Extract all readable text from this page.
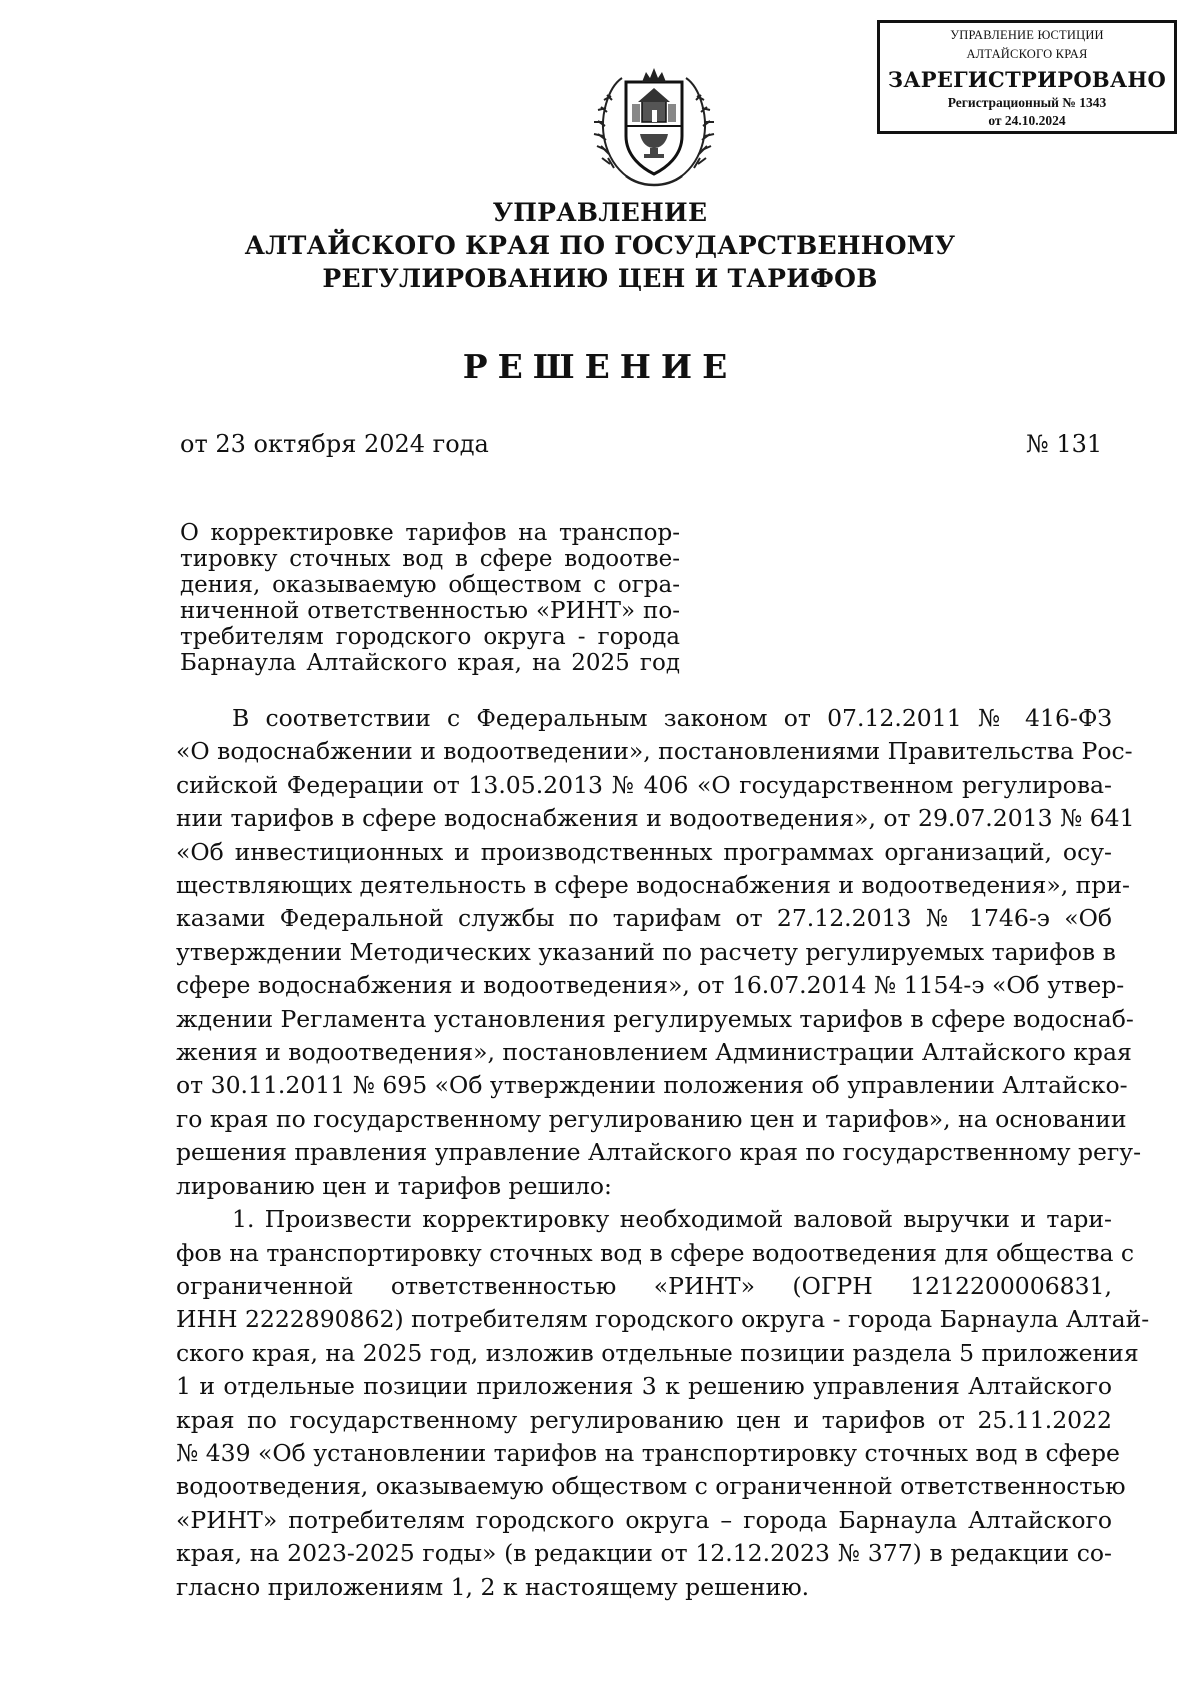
УПРАВЛЕНИЕ ЮСТИЦИИ
АЛТАЙСКОГО КРАЯ
ЗАРЕГИСТРИРОВАНО
Регистрационный № 1343
от 24.10.2024
УПРАВЛЕНИЕ
АЛТАЙСКОГО КРАЯ ПО ГОСУДАРСТВЕННОМУ
РЕГУЛИРОВАНИЮ ЦЕН И ТАРИФОВ
РЕШЕНИЕ
от 23 октября 2024 года	№ 131
О корректировке тарифов на транспор-
тировку сточных вод в сфере водоотве-
дения, оказываемую обществом с огра-
ниченной ответственностью «РИНТ» по-
требителям городского округа - города
Барнаула Алтайского края, на 2025 год
В соответствии с Федеральным законом от 07.12.2011 № 416-ФЗ
«О водоснабжении и водоотведении», постановлениями Правительства Рос-
сийской Федерации от 13.05.2013 № 406 «О государственном регулирова-
нии тарифов в сфере водоснабжения и водоотведения», от 29.07.2013 № 641
«Об инвестиционных и производственных программах организаций, осу-
ществляющих деятельность в сфере водоснабжения и водоотведения», при-
казами Федеральной службы по тарифам от 27.12.2013 № 1746-э «Об
утверждении Методических указаний по расчету регулируемых тарифов в
сфере водоснабжения и водоотведения», от 16.07.2014 № 1154-э «Об утвер-
ждении Регламента установления регулируемых тарифов в сфере водоснаб-
жения и водоотведения», постановлением Администрации Алтайского края
от 30.11.2011 № 695 «Об утверждении положения об управлении Алтайско-
го края по государственному регулированию цен и тарифов», на основании
решения правления управление Алтайского края по государственному регу-
лированию цен и тарифов решило:
1. Произвести корректировку необходимой валовой выручки и тари-
фов на транспортировку сточных вод в сфере водоотведения для общества с
ограниченной ответственностью «РИНТ» (ОГРН 1212200006831,
ИНН 2222890862) потребителям городского округа - города Барнаула Алтай-
ского края, на 2025 год, изложив отдельные позиции раздела 5 приложения
1 и отдельные позиции приложения 3 к решению управления Алтайского
края по государственному регулированию цен и тарифов от 25.11.2022
№ 439 «Об установлении тарифов на транспортировку сточных вод в сфере
водоотведения, оказываемую обществом с ограниченной ответственностью
«РИНТ» потребителям городского округа – города Барнаула Алтайского
края, на 2023-2025 годы» (в редакции от 12.12.2023 № 377) в редакции со-
гласно приложениям 1, 2 к настоящему решению.
